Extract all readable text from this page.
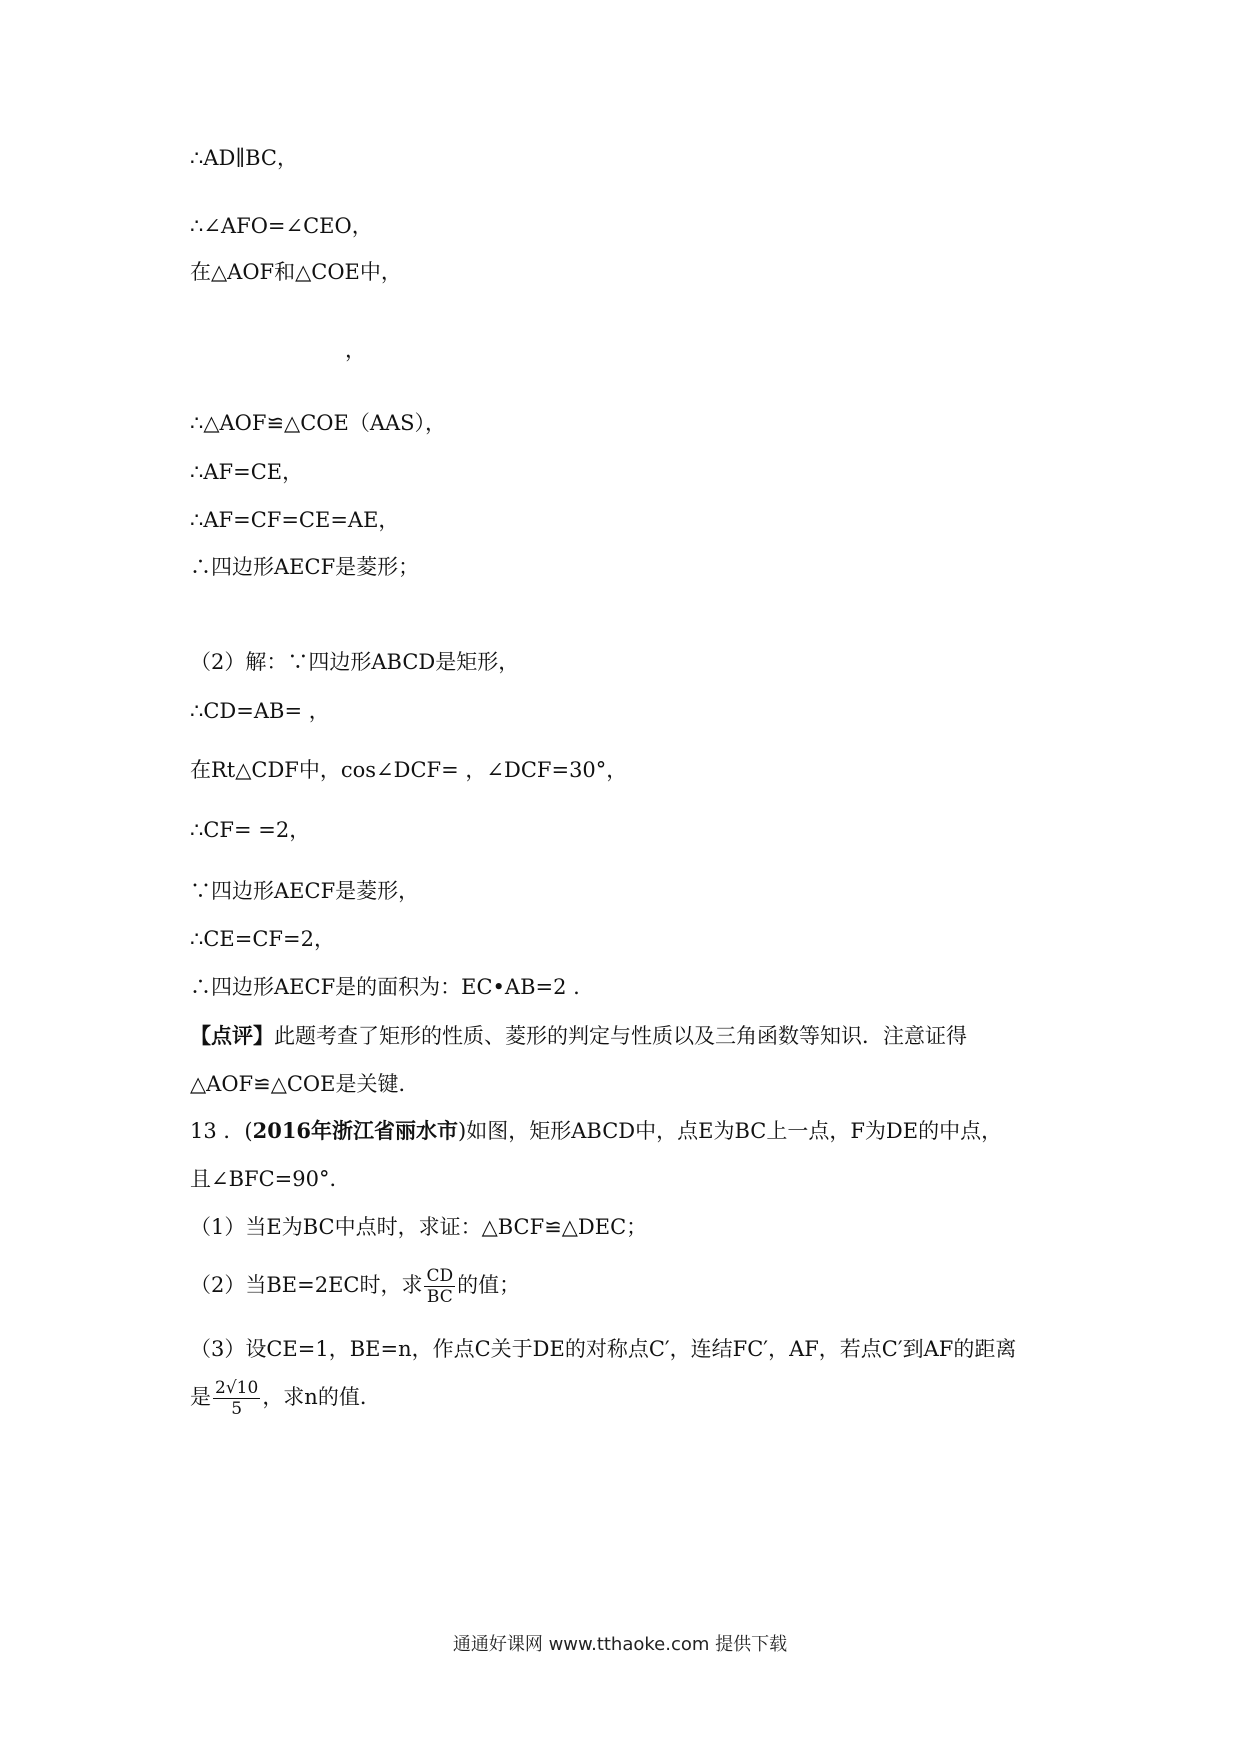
∴AD∥BC，
∴∠AFO=∠CEO，
在△AOF和△COE中，
，
∴△AOF≌△COE（AAS），
∴AF=CE，
∴AF=CF=CE=AE，
∴四边形AECF是菱形；
（2）解：∵四边形ABCD是矩形，
∴CD=AB= ，
在Rt△CDF中，cos∠DCF= ，∠DCF=30°，
∴CF= =2，
∵四边形AECF是菱形，
∴CE=CF=2，
∴四边形AECF是的面积为：EC•AB=2 .
【点评】此题考查了矩形的性质、菱形的判定与性质以及三角函数等知识．注意证得
△AOF≌△COE是关键．
13 ．(2016年浙江省丽水市)如图，矩形ABCD中，点E为BC上一点，F为DE的中点，
且∠BFC=90°．
（1）当E为BC中点时，求证：△BCF≌△DEC；
（2）当BE=2EC时，求 $\frac{CD}{BC}$ 的值；
（3）设CE=1，BE=n，作点C关于DE的对称点C′，连结FC′，AF，若点C′到AF的距离
是 $\frac{2√10}{5}$ ，求n的值．
通通好课网 www.tthaoke.com 提供下载
